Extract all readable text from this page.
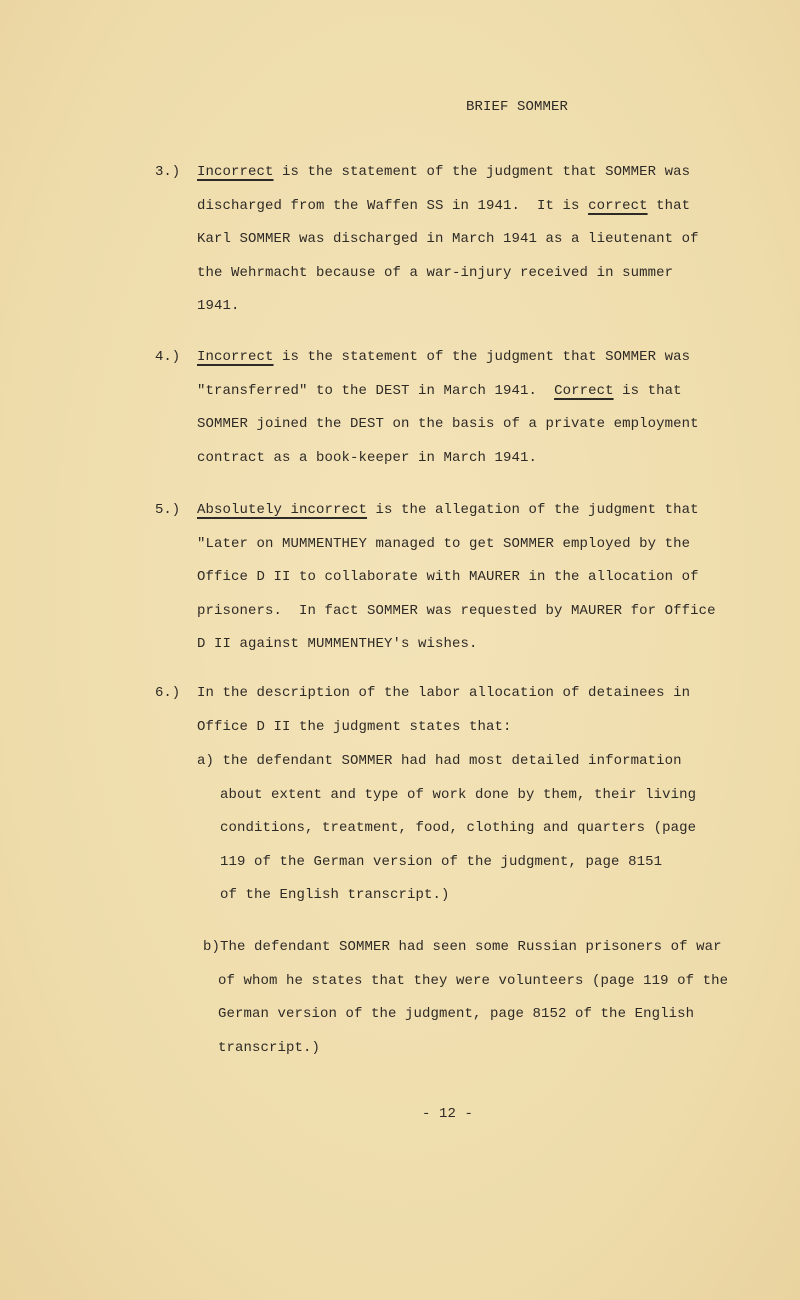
BRIEF SOMMER
3.) Incorrect is the statement of the judgment that SOMMER was
discharged from the Waffen SS in 1941.  It is correct that
Karl SOMMER was discharged in March 1941 as a lieutenant of
the Wehrmacht because of a war-injury received in summer
1941.
4.) Incorrect is the statement of the judgment that SOMMER was
"transferred" to the DEST in March 1941.  Correct is that
SOMMER joined the DEST on the basis of a private employment
contract as a book-keeper in March 1941.
5.) Absolutely incorrect is the allegation of the judgment that
"Later on MUMMENTHEY managed to get SOMMER employed by the
Office D II to collaborate with MAURER in the allocation of
prisoners.  In fact SOMMER was requested by MAURER for Office
D II against MUMMENTHEY's wishes.
6.) In the description of the labor allocation of detainees in
Office D II the judgment states that:
a) the defendant SOMMER had had most detailed information
about extent and type of work done by them, their living
conditions, treatment, food, clothing and quarters (page
119 of the German version of the judgment, page 8151
of the English transcript.)
b)The defendant SOMMER had seen some Russian prisoners of war
of whom he states that they were volunteers (page 119 of the
German version of the judgment, page 8152 of the English
transcript.)
- 12 -
